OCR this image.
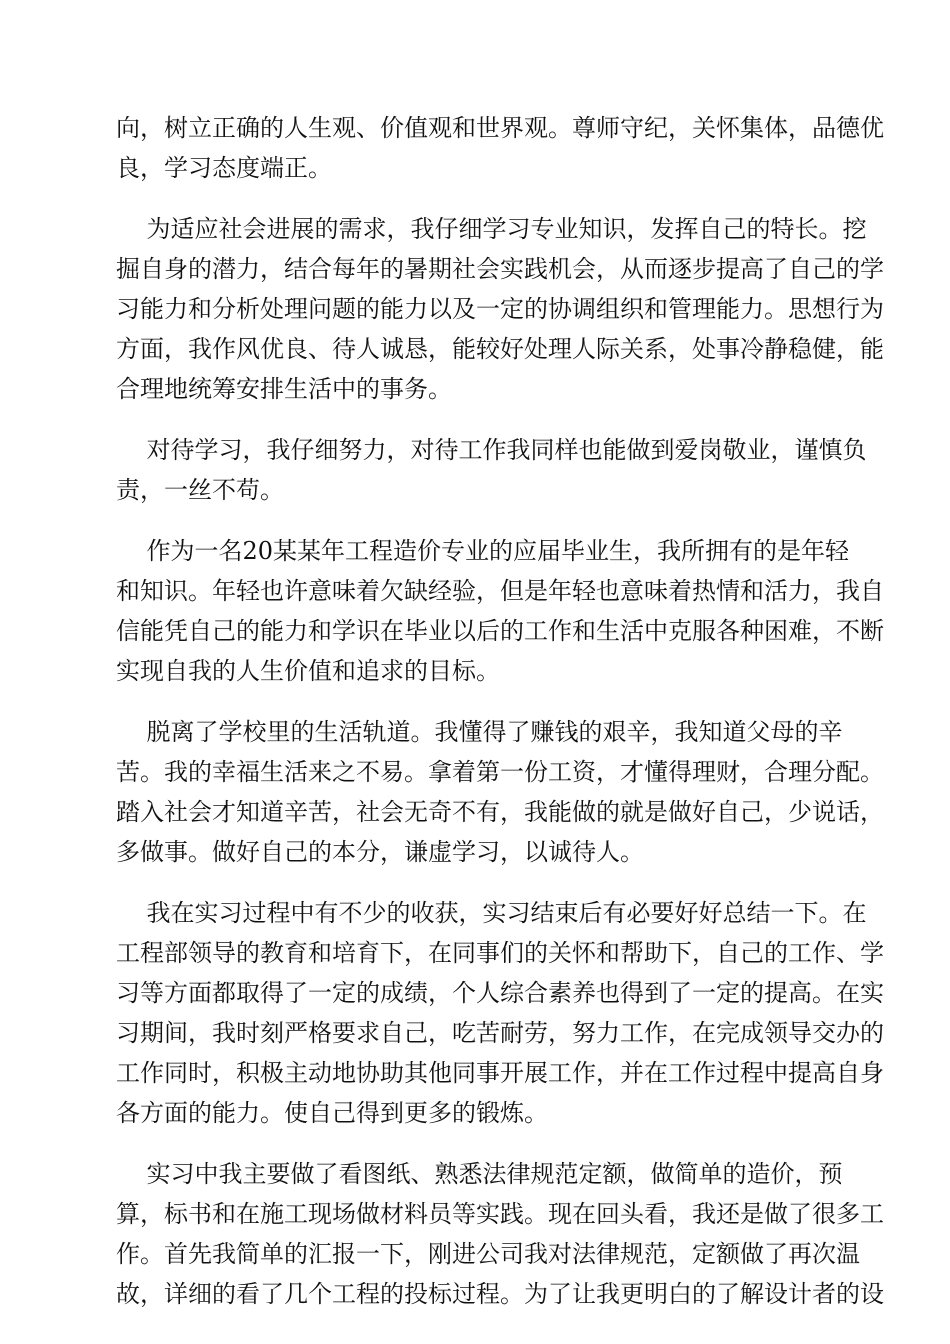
向，树立正确的人生观、价值观和世界观。尊师守纪，关怀集体，品德优
良，学习态度端正。
为适应社会进展的需求，我仔细学习专业知识，发挥自己的特长。挖
掘自身的潜力，结合每年的暑期社会实践机会，从而逐步提高了自己的学
习能力和分析处理问题的能力以及一定的协调组织和管理能力。思想行为
方面，我作风优良、待人诚恳，能较好处理人际关系，处事冷静稳健，能
合理地统筹安排生活中的事务。
对待学习，我仔细努力，对待工作我同样也能做到爱岗敬业，谨慎负
责，一丝不苟。
作为一名20某某年工程造价专业的应届毕业生，我所拥有的是年轻
和知识。年轻也许意味着欠缺经验，但是年轻也意味着热情和活力，我自
信能凭自己的能力和学识在毕业以后的工作和生活中克服各种困难，不断
实现自我的人生价值和追求的目标。
脱离了学校里的生活轨道。我懂得了赚钱的艰辛，我知道父母的辛
苦。我的幸福生活来之不易。拿着第一份工资，才懂得理财，合理分配。
踏入社会才知道辛苦，社会无奇不有，我能做的就是做好自己，少说话，
多做事。做好自己的本分，谦虚学习，以诚待人。
我在实习过程中有不少的收获，实习结束后有必要好好总结一下。在
工程部领导的教育和培育下，在同事们的关怀和帮助下，自己的工作、学
习等方面都取得了一定的成绩，个人综合素养也得到了一定的提高。在实
习期间，我时刻严格要求自己，吃苦耐劳，努力工作，在完成领导交办的
工作同时，积极主动地协助其他同事开展工作，并在工作过程中提高自身
各方面的能力。使自己得到更多的锻炼。
实习中我主要做了看图纸、熟悉法律规范定额，做简单的造价，预
算，标书和在施工现场做材料员等实践。现在回头看，我还是做了很多工
作。首先我简单的汇报一下，刚进公司我对法律规范，定额做了再次温
故，详细的看了几个工程的投标过程。为了让我更明白的了解设计者的设
